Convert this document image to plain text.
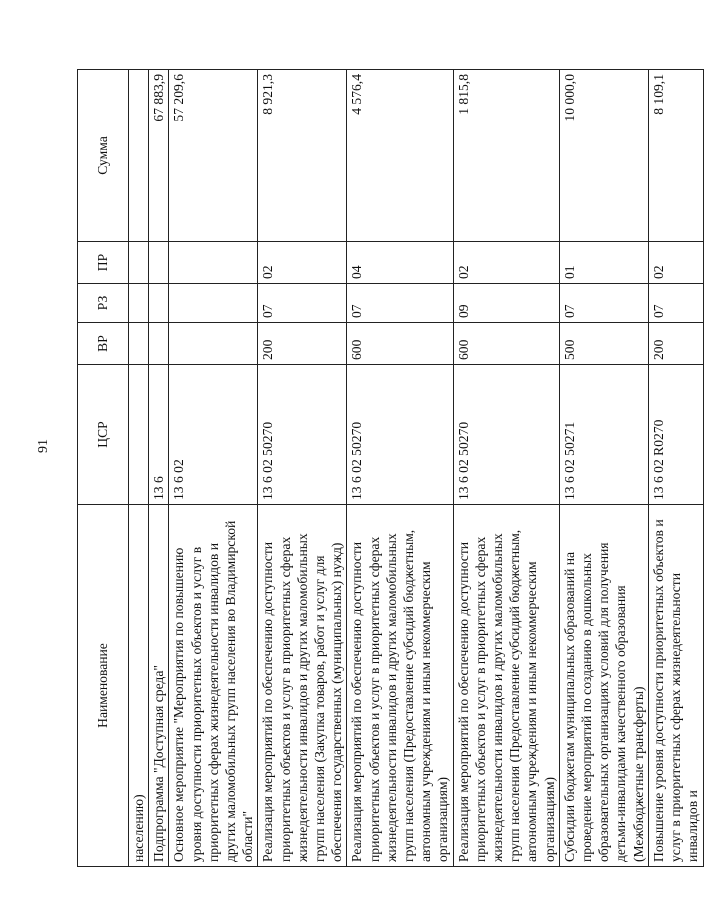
91
Наименование	ЦСР	ВР	РЗ	ПР	Сумма
населению)					
Подпрограмма "Доступная среда"	13 6				67 883,9
Основное мероприятие "Мероприятия по повышению уровня доступности приоритетных объектов и услуг в приоритетных сферах жизнедеятельности инвалидов и других маломобильных групп населения во Владимирской области"	13 6 02				57 209,6
Реализация мероприятий по обеспечению доступности приоритетных объектов и услуг в приоритетных сферах жизнедеятельности инвалидов и других маломобильных групп населения (Закупка товаров, работ и услуг для обеспечения государственных (муниципальных) нужд)	13 6 02 50270	200	07	02	8 921,3
Реализация мероприятий по обеспечению доступности приоритетных объектов и услуг в приоритетных сферах жизнедеятельности инвалидов и других маломобильных групп населения (Предоставление субсидий бюджетным, автономным учреждениям и иным некоммерческим организациям)	13 6 02 50270	600	07	04	4 576,4
Реализация мероприятий по обеспечению доступности приоритетных объектов и услуг в приоритетных сферах жизнедеятельности инвалидов и других маломобильных групп населения (Предоставление субсидий бюджетным, автономным учреждениям и иным некоммерческим организациям)	13 6 02 50270	600	09	02	1 815,8
Субсидии бюджетам муниципальных образований на проведение мероприятий по созданию в дошкольных образовательных организациях условий для получения детьми-инвалидами качественного образования (Межбюджетные трансферты)	13 6 02 50271	500	07	01	10 000,0
Повышение уровня доступности приоритетных объектов и услуг в приоритетных сферах жизнедеятельности инвалидов и	13 6 02 R0270	200	07	02	8 109,1
